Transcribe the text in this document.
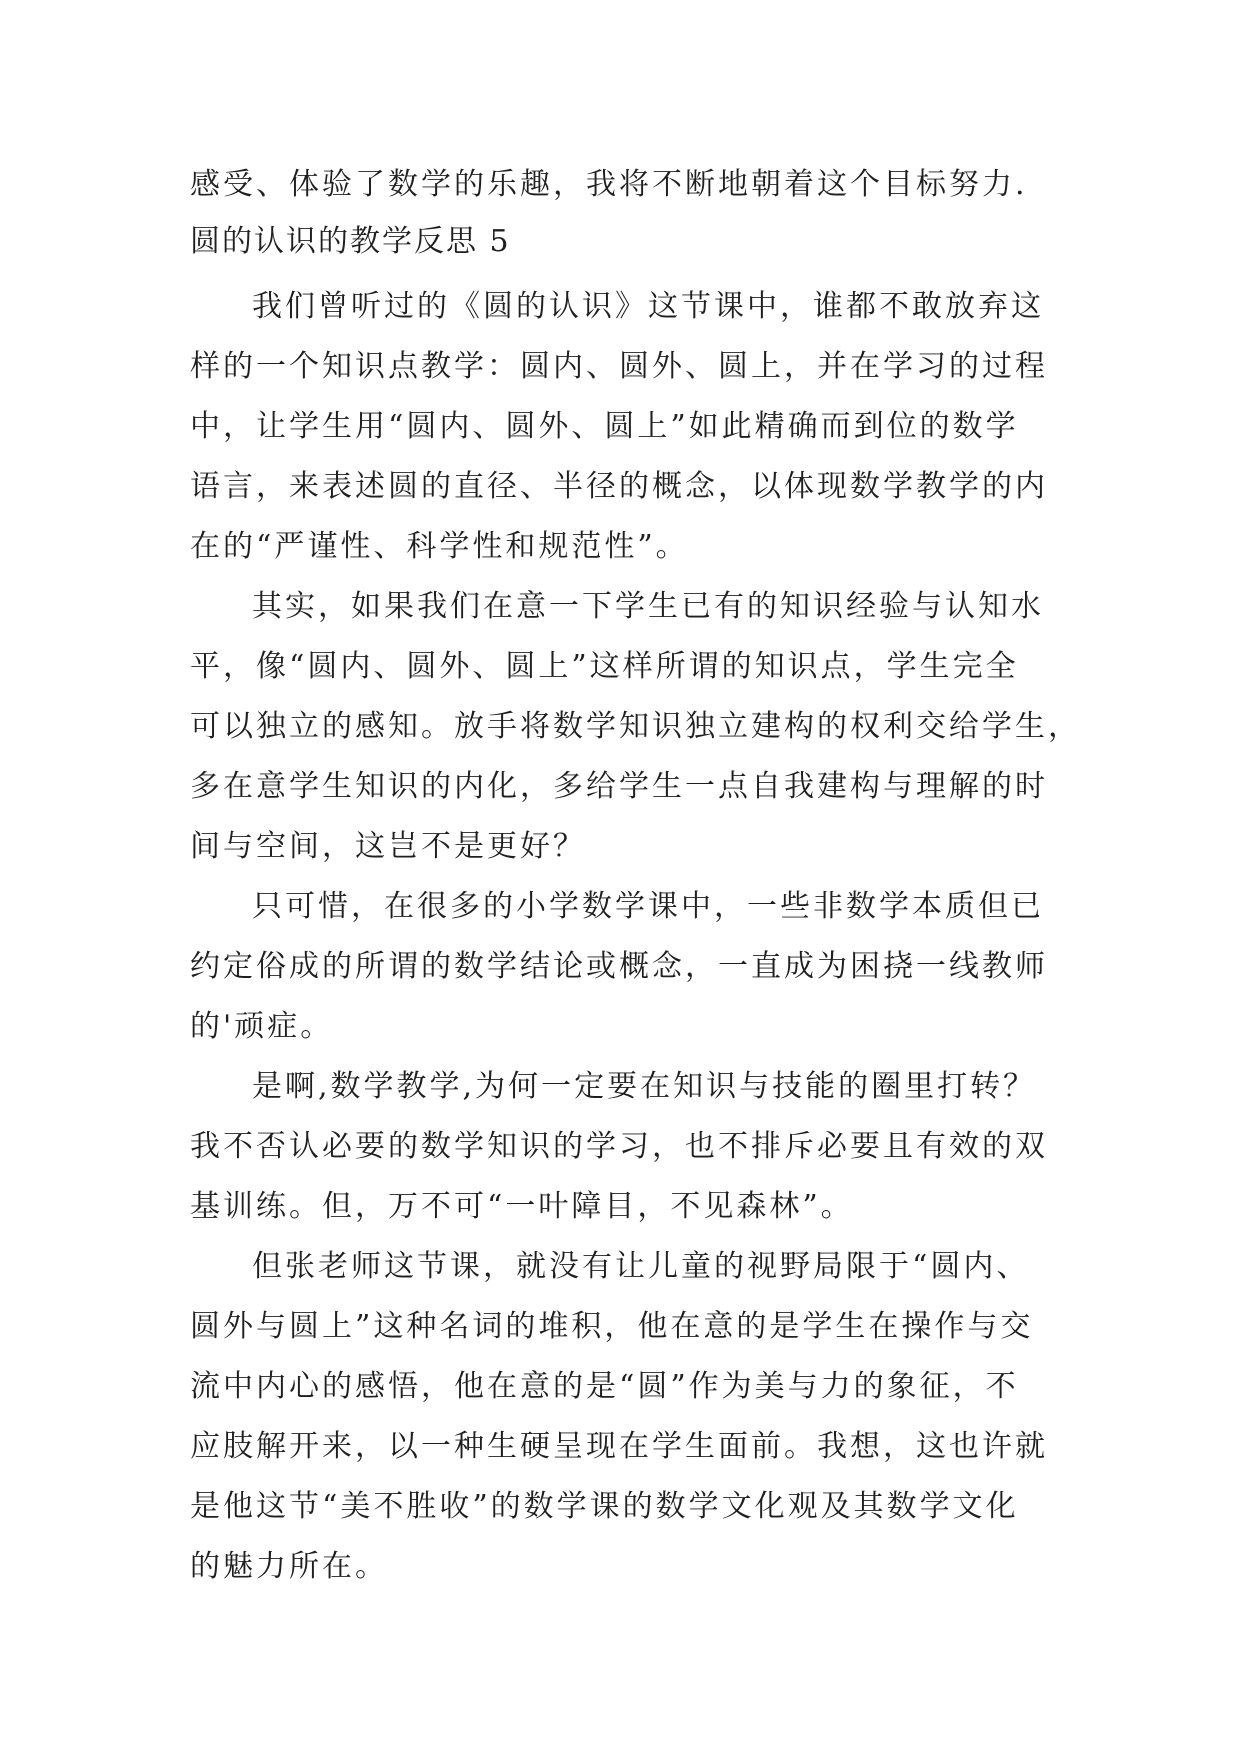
感受、体验了数学的乐趣，我将不断地朝着这个目标努力.
圆的认识的教学反思 5
我们曾听过的《圆的认识》这节课中，谁都不敢放弃这
样的一个知识点教学：圆内、圆外、圆上，并在学习的过程
中，让学生用“圆内、圆外、圆上”如此精确而到位的数学
语言，来表述圆的直径、半径的概念，以体现数学教学的内
在的“严谨性、科学性和规范性”。
其实，如果我们在意一下学生已有的知识经验与认知水
平，像“圆内、圆外、圆上”这样所谓的知识点，学生完全
可以独立的感知。放手将数学知识独立建构的权利交给学生，
多在意学生知识的内化，多给学生一点自我建构与理解的时
间与空间，这岂不是更好？
只可惜，在很多的小学数学课中，一些非数学本质但已
约定俗成的所谓的数学结论或概念，一直成为困挠一线教师
的'顽症。
是啊,数学教学,为何一定要在知识与技能的圈里打转？
我不否认必要的数学知识的学习，也不排斥必要且有效的双
基训练。但，万不可“一叶障目，不见森林”。
但张老师这节课，就没有让儿童的视野局限于“圆内、
圆外与圆上”这种名词的堆积，他在意的是学生在操作与交
流中内心的感悟，他在意的是“圆”作为美与力的象征，不
应肢解开来，以一种生硬呈现在学生面前。我想，这也许就
是他这节“美不胜收”的数学课的数学文化观及其数学文化
的魅力所在。
